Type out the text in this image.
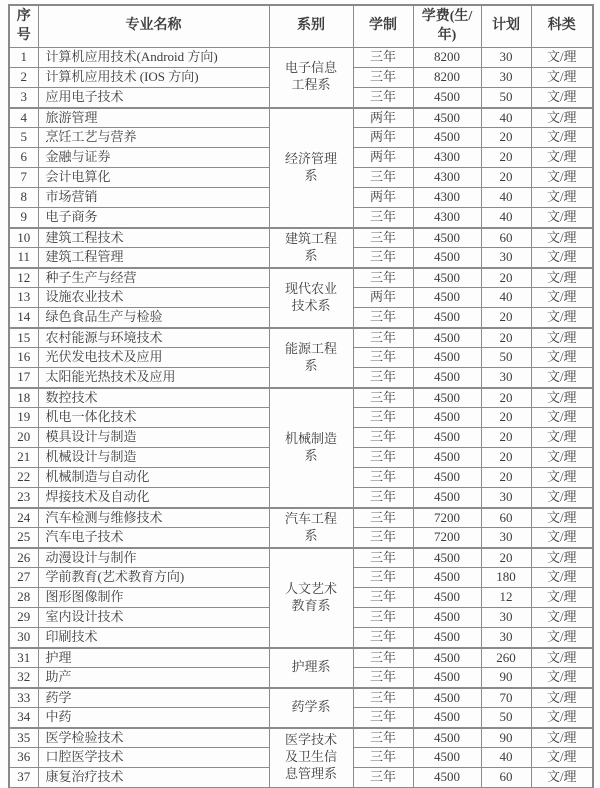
序号	专业名称	系别	学制	学费(生/年)	计划	科类
1	计算机应用技术(Android 方向)	电子信息工程系	三年	8200	30	文/理
2	计算机应用技术 (IOS 方向)		三年	8200	30	文/理
3	应用电子技术		三年	4500	50	文/理
4	旅游管理	经济管理系	两年	4500	40	文/理
5	烹饪工艺与营养		两年	4500	20	文/理
6	金融与证券		两年	4300	20	文/理
7	会计电算化		三年	4300	20	文/理
8	市场营销		两年	4300	40	文/理
9	电子商务		三年	4300	40	文/理
10	建筑工程技术	建筑工程系	三年	4500	60	文/理
11	建筑工程管理		三年	4500	30	文/理
12	种子生产与经营	现代农业技术系	三年	4500	20	文/理
13	设施农业技术		两年	4500	40	文/理
14	绿色食品生产与检验		三年	4500	20	文/理
15	农村能源与环境技术	能源工程系	三年	4500	20	文/理
16	光伏发电技术及应用		三年	4500	50	文/理
17	太阳能光热技术及应用		三年	4500	30	文/理
18	数控技术	机械制造系	三年	4500	20	文/理
19	机电一体化技术		三年	4500	20	文/理
20	模具设计与制造		三年	4500	20	文/理
21	机械设计与制造		三年	4500	20	文/理
22	机械制造与自动化		三年	4500	20	文/理
23	焊接技术及自动化		三年	4500	30	文/理
24	汽车检测与维修技术	汽车工程系	三年	7200	60	文/理
25	汽车电子技术		三年	7200	30	文/理
26	动漫设计与制作	人文艺术教育系	三年	4500	20	文/理
27	学前教育(艺术教育方向)		三年	4500	180	文/理
28	图形图像制作		三年	4500	12	文/理
29	室内设计技术		三年	4500	30	文/理
30	印刷技术		三年	4500	30	文/理
31	护理	护理系	三年	4500	260	文/理
32	助产		三年	4500	90	文/理
33	药学	药学系	三年	4500	70	文/理
34	中药		三年	4500	50	文/理
35	医学检验技术	医学技术及卫生信息管理系	三年	4500	90	文/理
36	口腔医学技术		三年	4500	40	文/理
37	康复治疗技术		三年	4500	60	文/理
